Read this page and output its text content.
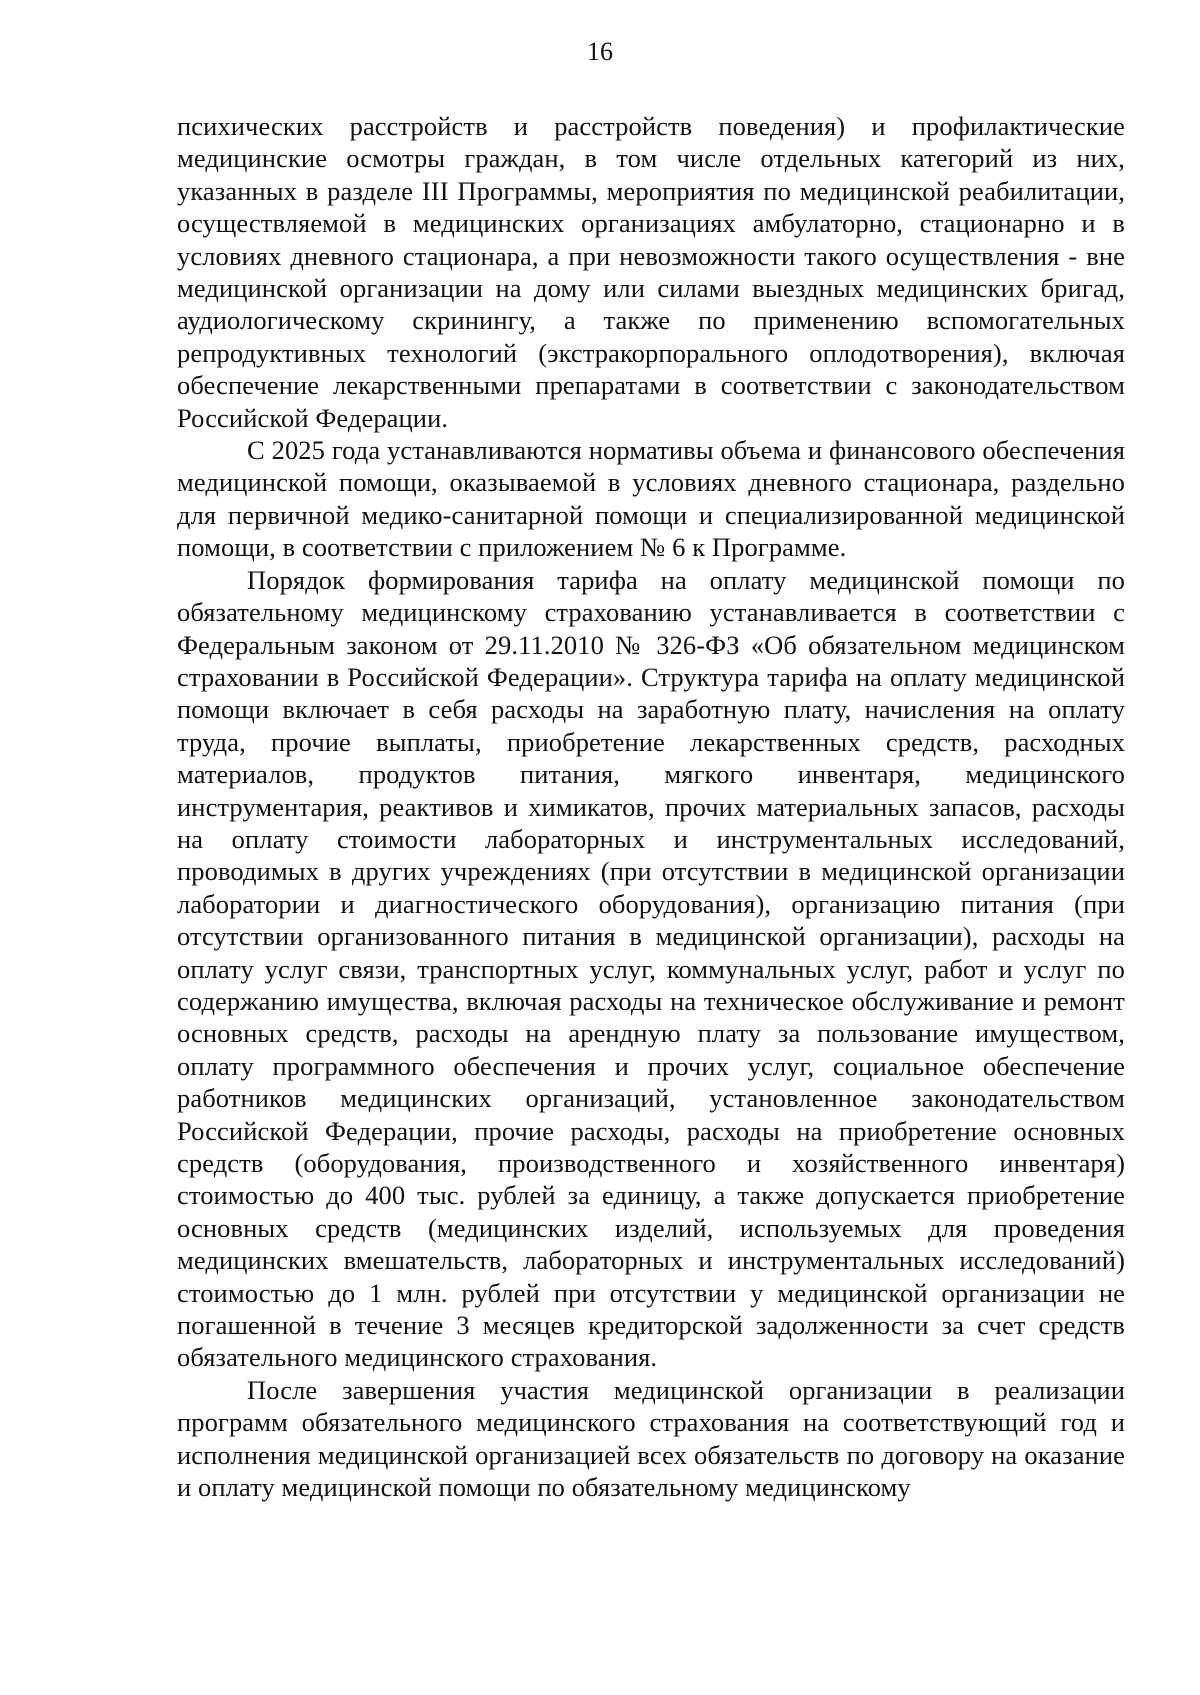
16

психических расстройств и расстройств поведения) и профилактические медицинские осмотры граждан, в том числе отдельных категорий из них, указанных в разделе III Программы, мероприятия по медицинской реабилитации, осуществляемой в медицинских организациях амбулаторно, стационарно и в условиях дневного стационара, а при невозможности такого осуществления - вне медицинской организации на дому или силами выездных медицинских бригад, аудиологическому скринингу, а также по применению вспомогательных репродуктивных технологий (экстракорпорального оплодотворения), включая обеспечение лекарственными препаратами в соответствии с законодательством Российской Федерации.

С 2025 года устанавливаются нормативы объема и финансового обеспечения медицинской помощи, оказываемой в условиях дневного стационара, раздельно для первичной медико-санитарной помощи и специализированной медицинской помощи, в соответствии с приложением № 6 к Программе.

Порядок формирования тарифа на оплату медицинской помощи по обязательному медицинскому страхованию устанавливается в соответствии с Федеральным законом от 29.11.2010 № 326-ФЗ «Об обязательном медицинском страховании в Российской Федерации». Структура тарифа на оплату медицинской помощи включает в себя расходы на заработную плату, начисления на оплату труда, прочие выплаты, приобретение лекарственных средств, расходных материалов, продуктов питания, мягкого инвентаря, медицинского инструментария, реактивов и химикатов, прочих материальных запасов, расходы на оплату стоимости лабораторных и инструментальных исследований, проводимых в других учреждениях (при отсутствии в медицинской организации лаборатории и диагностического оборудования), организацию питания (при отсутствии организованного питания в медицинской организации), расходы на оплату услуг связи, транспортных услуг, коммунальных услуг, работ и услуг по содержанию имущества, включая расходы на техническое обслуживание и ремонт основных средств, расходы на арендную плату за пользование имуществом, оплату программного обеспечения и прочих услуг, социальное обеспечение работников медицинских организаций, установленное законодательством Российской Федерации, прочие расходы, расходы на приобретение основных средств (оборудования, производственного и хозяйственного инвентаря) стоимостью до 400 тыс. рублей за единицу, а также допускается приобретение основных средств (медицинских изделий, используемых для проведения медицинских вмешательств, лабораторных и инструментальных исследований) стоимостью до 1 млн. рублей при отсутствии у медицинской организации не погашенной в течение 3 месяцев кредиторской задолженности за счет средств обязательного медицинского страхования.

После завершения участия медицинской организации в реализации программ обязательного медицинского страхования на соответствующий год и исполнения медицинской организацией всех обязательств по договору на оказание и оплату медицинской помощи по обязательному медицинскому
